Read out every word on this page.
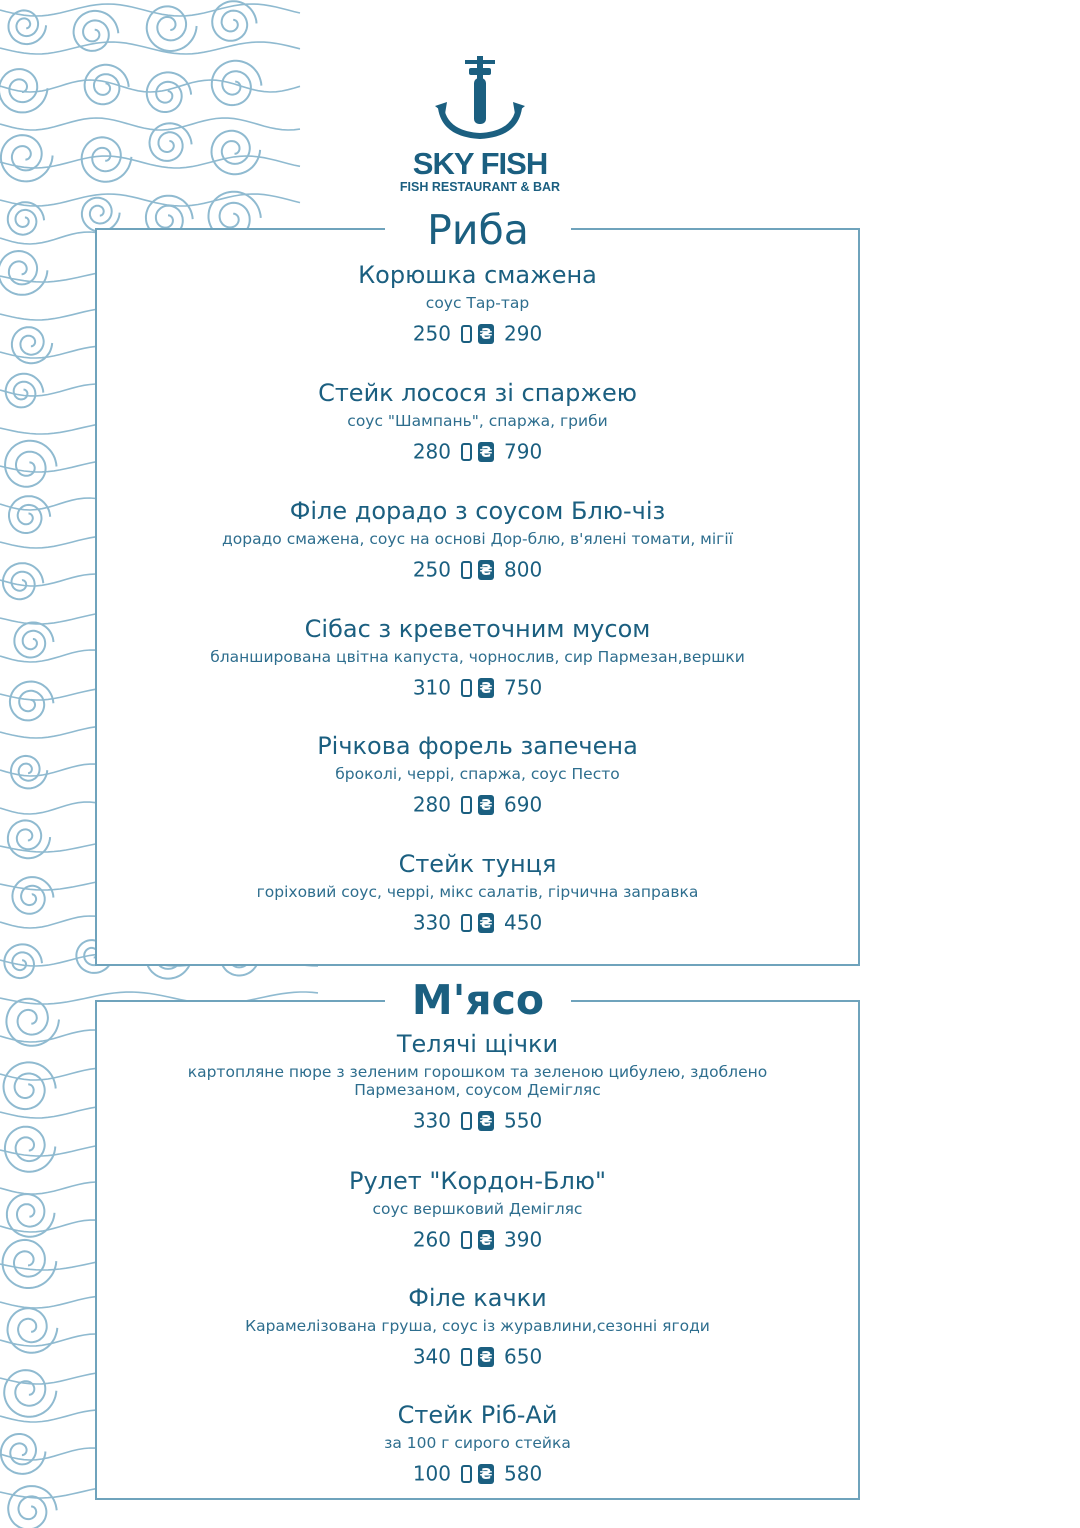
SKY FISH
FISH RESTAURANT & BAR
Риба
М'ясо
Корюшка смажена
соус Тар-тар
250 ₴ 290
Стейк лосося зі спаржею
соус "Шампань", спаржа, гриби
280 ₴ 790
Філе дорадо з соусом Блю-чіз
дорадо смажена, соус на основі Дор-блю, в'ялені томати, мігії
250 ₴ 800
Сібас з креветочним мусом
бланширована цвітна капуста, чорнослив, сир Пармезан,вершки
310 ₴ 750
Річкова форель запечена
броколі, черрі, спаржа, соус Песто
280 ₴ 690
Стейк тунця
горіховий соус, черрі, мікс салатів, гірчична заправка
330 ₴ 450
Телячі щічки
картопляне пюре з зеленим горошком та зеленою цибулею, здоблено Пармезаном, соусом Демігляс
330 ₴ 550
Рулет "Кордон-Блю"
соус вершковий Демігляс
260 ₴ 390
Філе качки
Карамелізована груша, соус із журавлини,сезонні ягоди
340 ₴ 650
Стейк Ріб-Ай
за 100 г сирого стейка
100 ₴ 580
